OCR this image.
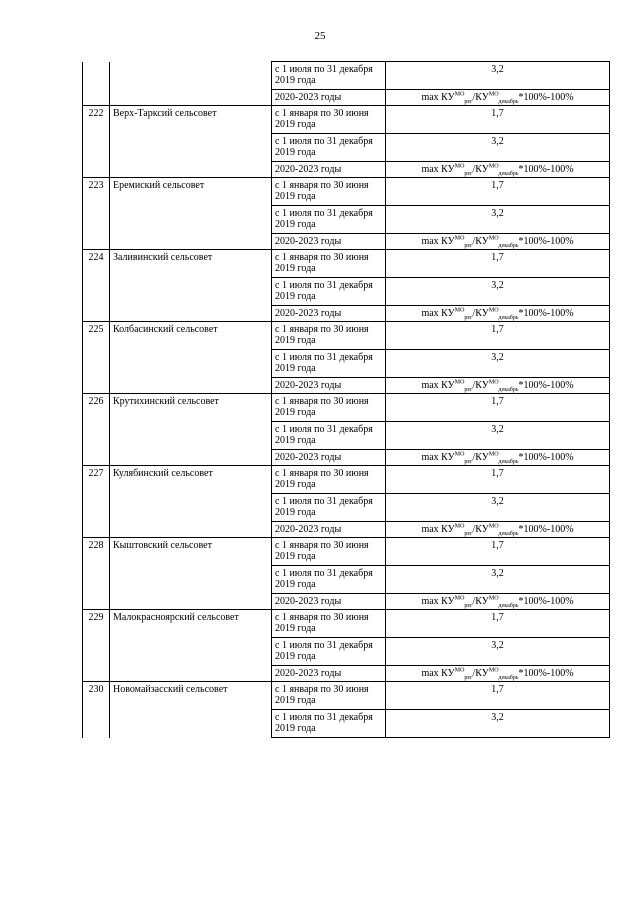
25
		с 1 июля по 31 декабря 2019 года	3,2
		2020-2023 годы	$\max КУ^{МО}_{рег}/КУ^{МО}_{декабрь}*100\%-100\%$
222	Верх-Тарксий сельсовет	с 1 января по 30 июня 2019 года	1,7
		с 1 июля по 31 декабря 2019 года	3,2
		2020-2023 годы	$\max КУ^{МО}_{рег}/КУ^{МО}_{декабрь}*100\%-100\%$
223	Еремиский сельсовет	с 1 января по 30 июня 2019 года	1,7
		с 1 июля по 31 декабря 2019 года	3,2
		2020-2023 годы	$\max КУ^{МО}_{рег}/КУ^{МО}_{декабрь}*100\%-100\%$
224	Заливинский сельсовет	с 1 января по 30 июня 2019 года	1,7
		с 1 июля по 31 декабря 2019 года	3,2
		2020-2023 годы	$\max КУ^{МО}_{рег}/КУ^{МО}_{декабрь}*100\%-100\%$
225	Колбасинский сельсовет	с 1 января по 30 июня 2019 года	1,7
		с 1 июля по 31 декабря 2019 года	3,2
		2020-2023 годы	$\max КУ^{МО}_{рег}/КУ^{МО}_{декабрь}*100\%-100\%$
226	Крутихинский сельсовет	с 1 января по 30 июня 2019 года	1,7
		с 1 июля по 31 декабря 2019 года	3,2
		2020-2023 годы	$\max КУ^{МО}_{рег}/КУ^{МО}_{декабрь}*100\%-100\%$
227	Кулябинский сельсовет	с 1 января по 30 июня 2019 года	1,7
		с 1 июля по 31 декабря 2019 года	3,2
		2020-2023 годы	$\max КУ^{МО}_{рег}/КУ^{МО}_{декабрь}*100\%-100\%$
228	Кыштовский сельсовет	с 1 января по 30 июня 2019 года	1,7
		с 1 июля по 31 декабря 2019 года	3,2
		2020-2023 годы	$\max КУ^{МО}_{рег}/КУ^{МО}_{декабрь}*100\%-100\%$
229	Малокрасноярский сельсовет	с 1 января по 30 июня 2019 года	1,7
		с 1 июля по 31 декабря 2019 года	3,2
		2020-2023 годы	$\max КУ^{МО}_{рег}/КУ^{МО}_{декабрь}*100\%-100\%$
230	Новомайзасский сельсовет	с 1 января по 30 июня 2019 года	1,7
		с 1 июля по 31 декабря 2019 года	3,2
